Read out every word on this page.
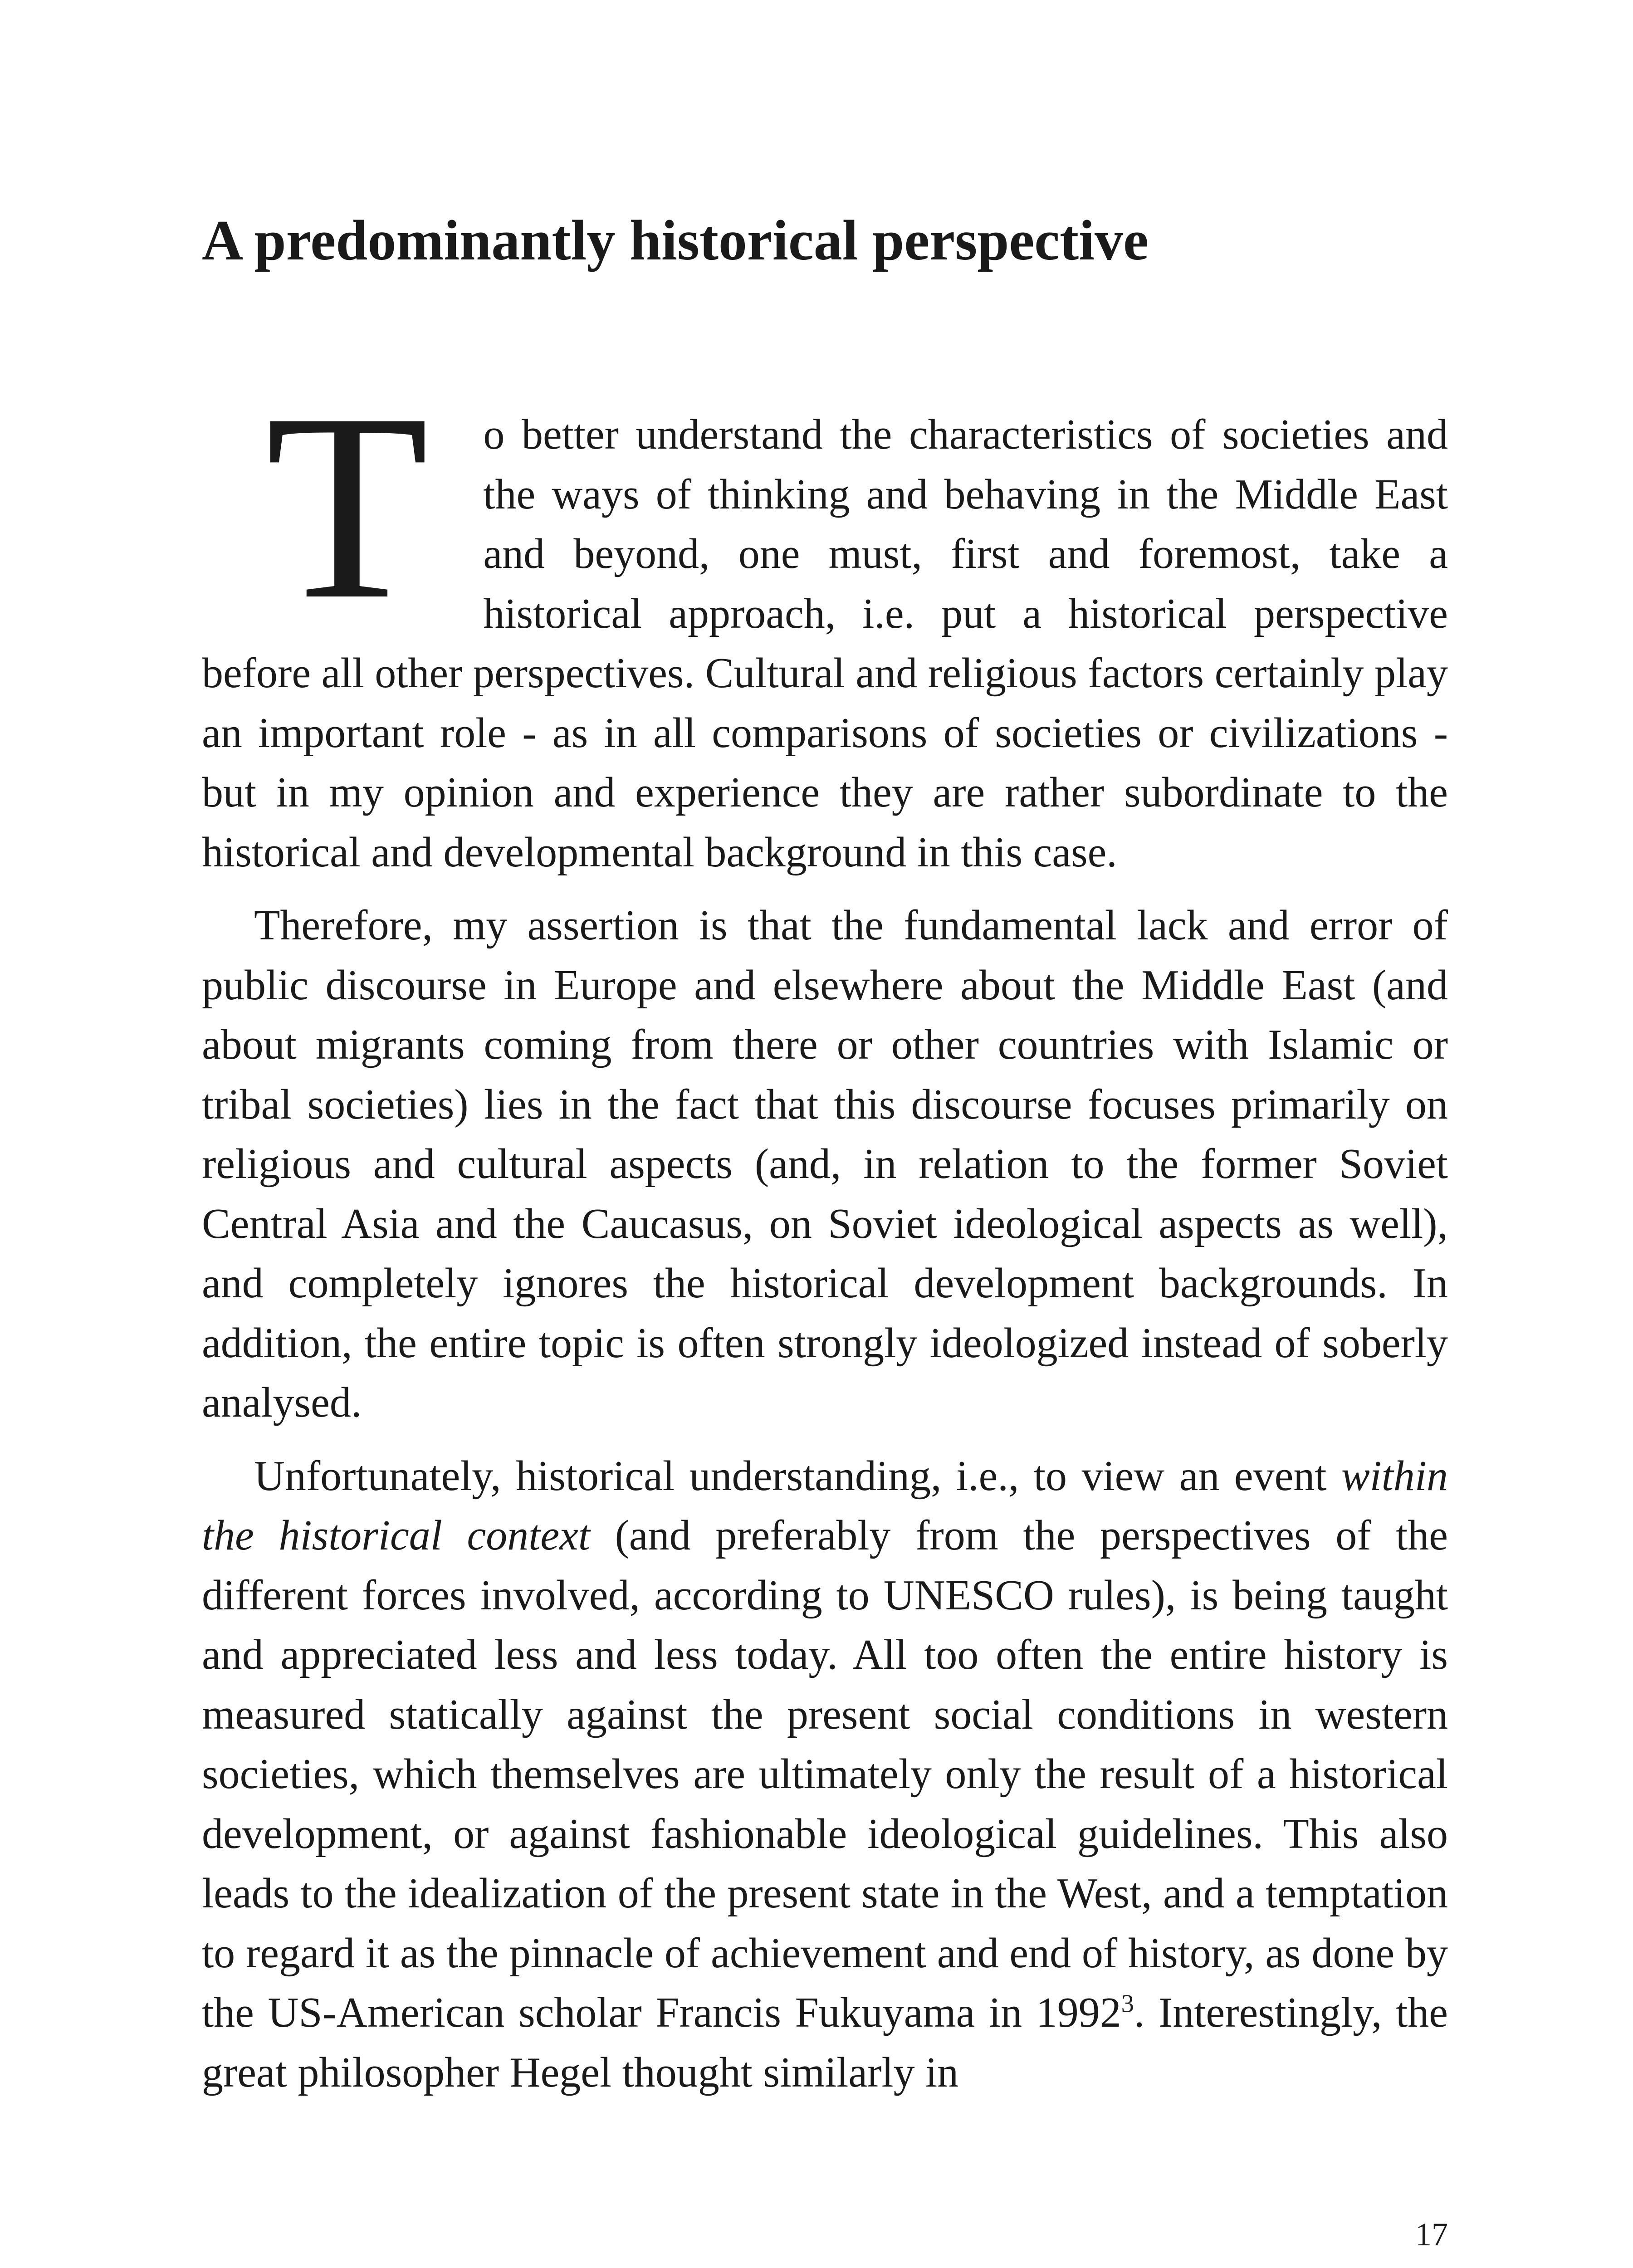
A predominantly historical perspective

T o better understand the characteristics of societies and the ways of thinking and behaving in the Middle East and beyond, one must, first and foremost, take a historical approach, i.e. put a historical perspective before all other perspectives. Cultural and religious factors certainly play an important role - as in all comparisons of societies or civilizations - but in my opinion and experience they are rather subordinate to the historical and developmental background in this case.

Therefore, my assertion is that the fundamental lack and error of public discourse in Europe and elsewhere about the Middle East (and about migrants coming from there or other countries with Islamic or tribal societies) lies in the fact that this discourse focuses primarily on religious and cultural aspects (and, in relation to the former Soviet Central Asia and the Caucasus, on Soviet ideological aspects as well), and completely ignores the historical development backgrounds. In addition, the entire topic is often strongly ideologized instead of soberly analysed.

Unfortunately, historical understanding, i.e., to view an event within the historical context (and preferably from the perspectives of the different forces involved, according to UNESCO rules), is being taught and appreciated less and less today. All too often the entire history is measured statically against the present social conditions in western societies, which themselves are ultimately only the result of a historical development, or against fashionable ideological guidelines. This also leads to the idealization of the present state in the West, and a temptation to regard it as the pinnacle of achievement and end of history, as done by the US-American scholar Francis Fukuyama in 1992$^3$. Interestingly, the great philosopher Hegel thought similarly in

17
